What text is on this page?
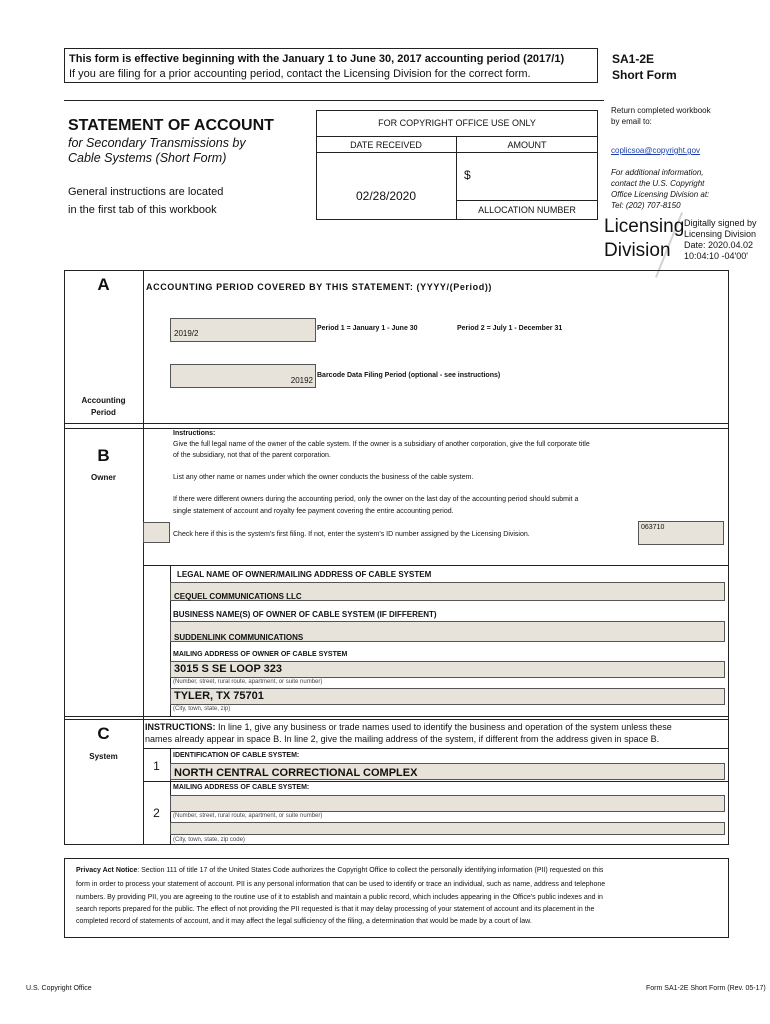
This form is effective beginning with the January 1 to June 30, 2017 accounting period (2017/1)
If you are filing for a prior accounting period, contact the Licensing Division for the correct form.
SA1-2E
Short Form
STATEMENT OF ACCOUNT
for Secondary Transmissions by
Cable Systems (Short Form)
General instructions are located
in the first tab of this workbook
FOR COPYRIGHT OFFICE USE ONLY
DATE RECEIVED	AMOUNT
02/28/2020
$
ALLOCATION NUMBER
Return completed workbook
by email to:
coplicsoa@copyright.gov
For additional information,
contact the U.S. Copyright
Office Licensing Division at:
Tel: (202) 707-8150
Licensing
Division
Digitally signed by
Licensing Division
Date: 2020.04.02
10:04:10 -04'00'
A
Accounting
Period
ACCOUNTING PERIOD COVERED BY THIS STATEMENT: (YYYY/(Period))
2019/2
Period 1 = January 1 - June 30	Period 2 = July 1 - December 31
20192
Barcode Data Filing Period (optional - see instructions)
B
Owner
Instructions:
Give the full legal name of the owner of the cable system. If the owner is a subsidiary of another corporation, give the full corporate title
of the subsidiary, not that of the parent corporation.
List any other name or names under which the owner conducts the business of the cable system.
If there were different owners during the accounting period, only the owner on the last day of the accounting period should submit a
single statement of account and royalty fee payment covering the entire accounting period.
Check here if this is the system's first filing. If not, enter the system's ID number assigned by the Licensing Division.
063710
LEGAL NAME OF OWNER/MAILING ADDRESS OF CABLE SYSTEM
CEQUEL COMMUNICATIONS LLC
BUSINESS NAME(S) OF OWNER OF CABLE SYSTEM (IF DIFFERENT)
SUDDENLINK COMMUNICATIONS
MAILING ADDRESS OF OWNER OF CABLE SYSTEM
3015 S SE LOOP 323
(Number, street, rural route, apartment, or suite number)
TYLER, TX 75701
(City, town, state, zip)
C
System
INSTRUCTIONS: In line 1, give any business or trade names used to identify the business and operation of the system unless these
names already appear in space B. In line 2, give the mailing address of the system, if different from the address given in space B.
1
IDENTIFICATION OF CABLE SYSTEM:
NORTH CENTRAL CORRECTIONAL COMPLEX
2
MAILING ADDRESS OF CABLE SYSTEM:
(Number, street, rural route, apartment, or suite number)
(City, town, state, zip code)
Privacy Act Notice: Section 111 of title 17 of the United States Code authorizes the Copyright Office to collect the personally identifying information (PII) requested on this
form in order to process your statement of account. PII is any personal information that can be used to identify or trace an individual, such as name, address and telephone
numbers. By providing PII, you are agreeing to the routine use of it to establish and maintain a public record, which includes appearing in the Office's public indexes and in
search reports prepared for the public. The effect of not providing the PII requested is that it may delay processing of your statement of account and its placement in the
completed record of statements of account, and it may affect the legal sufficiency of the filing, a determination that would be made by a court of law.
U.S. Copyright Office	Form SA1-2E Short Form (Rev. 05-17)
